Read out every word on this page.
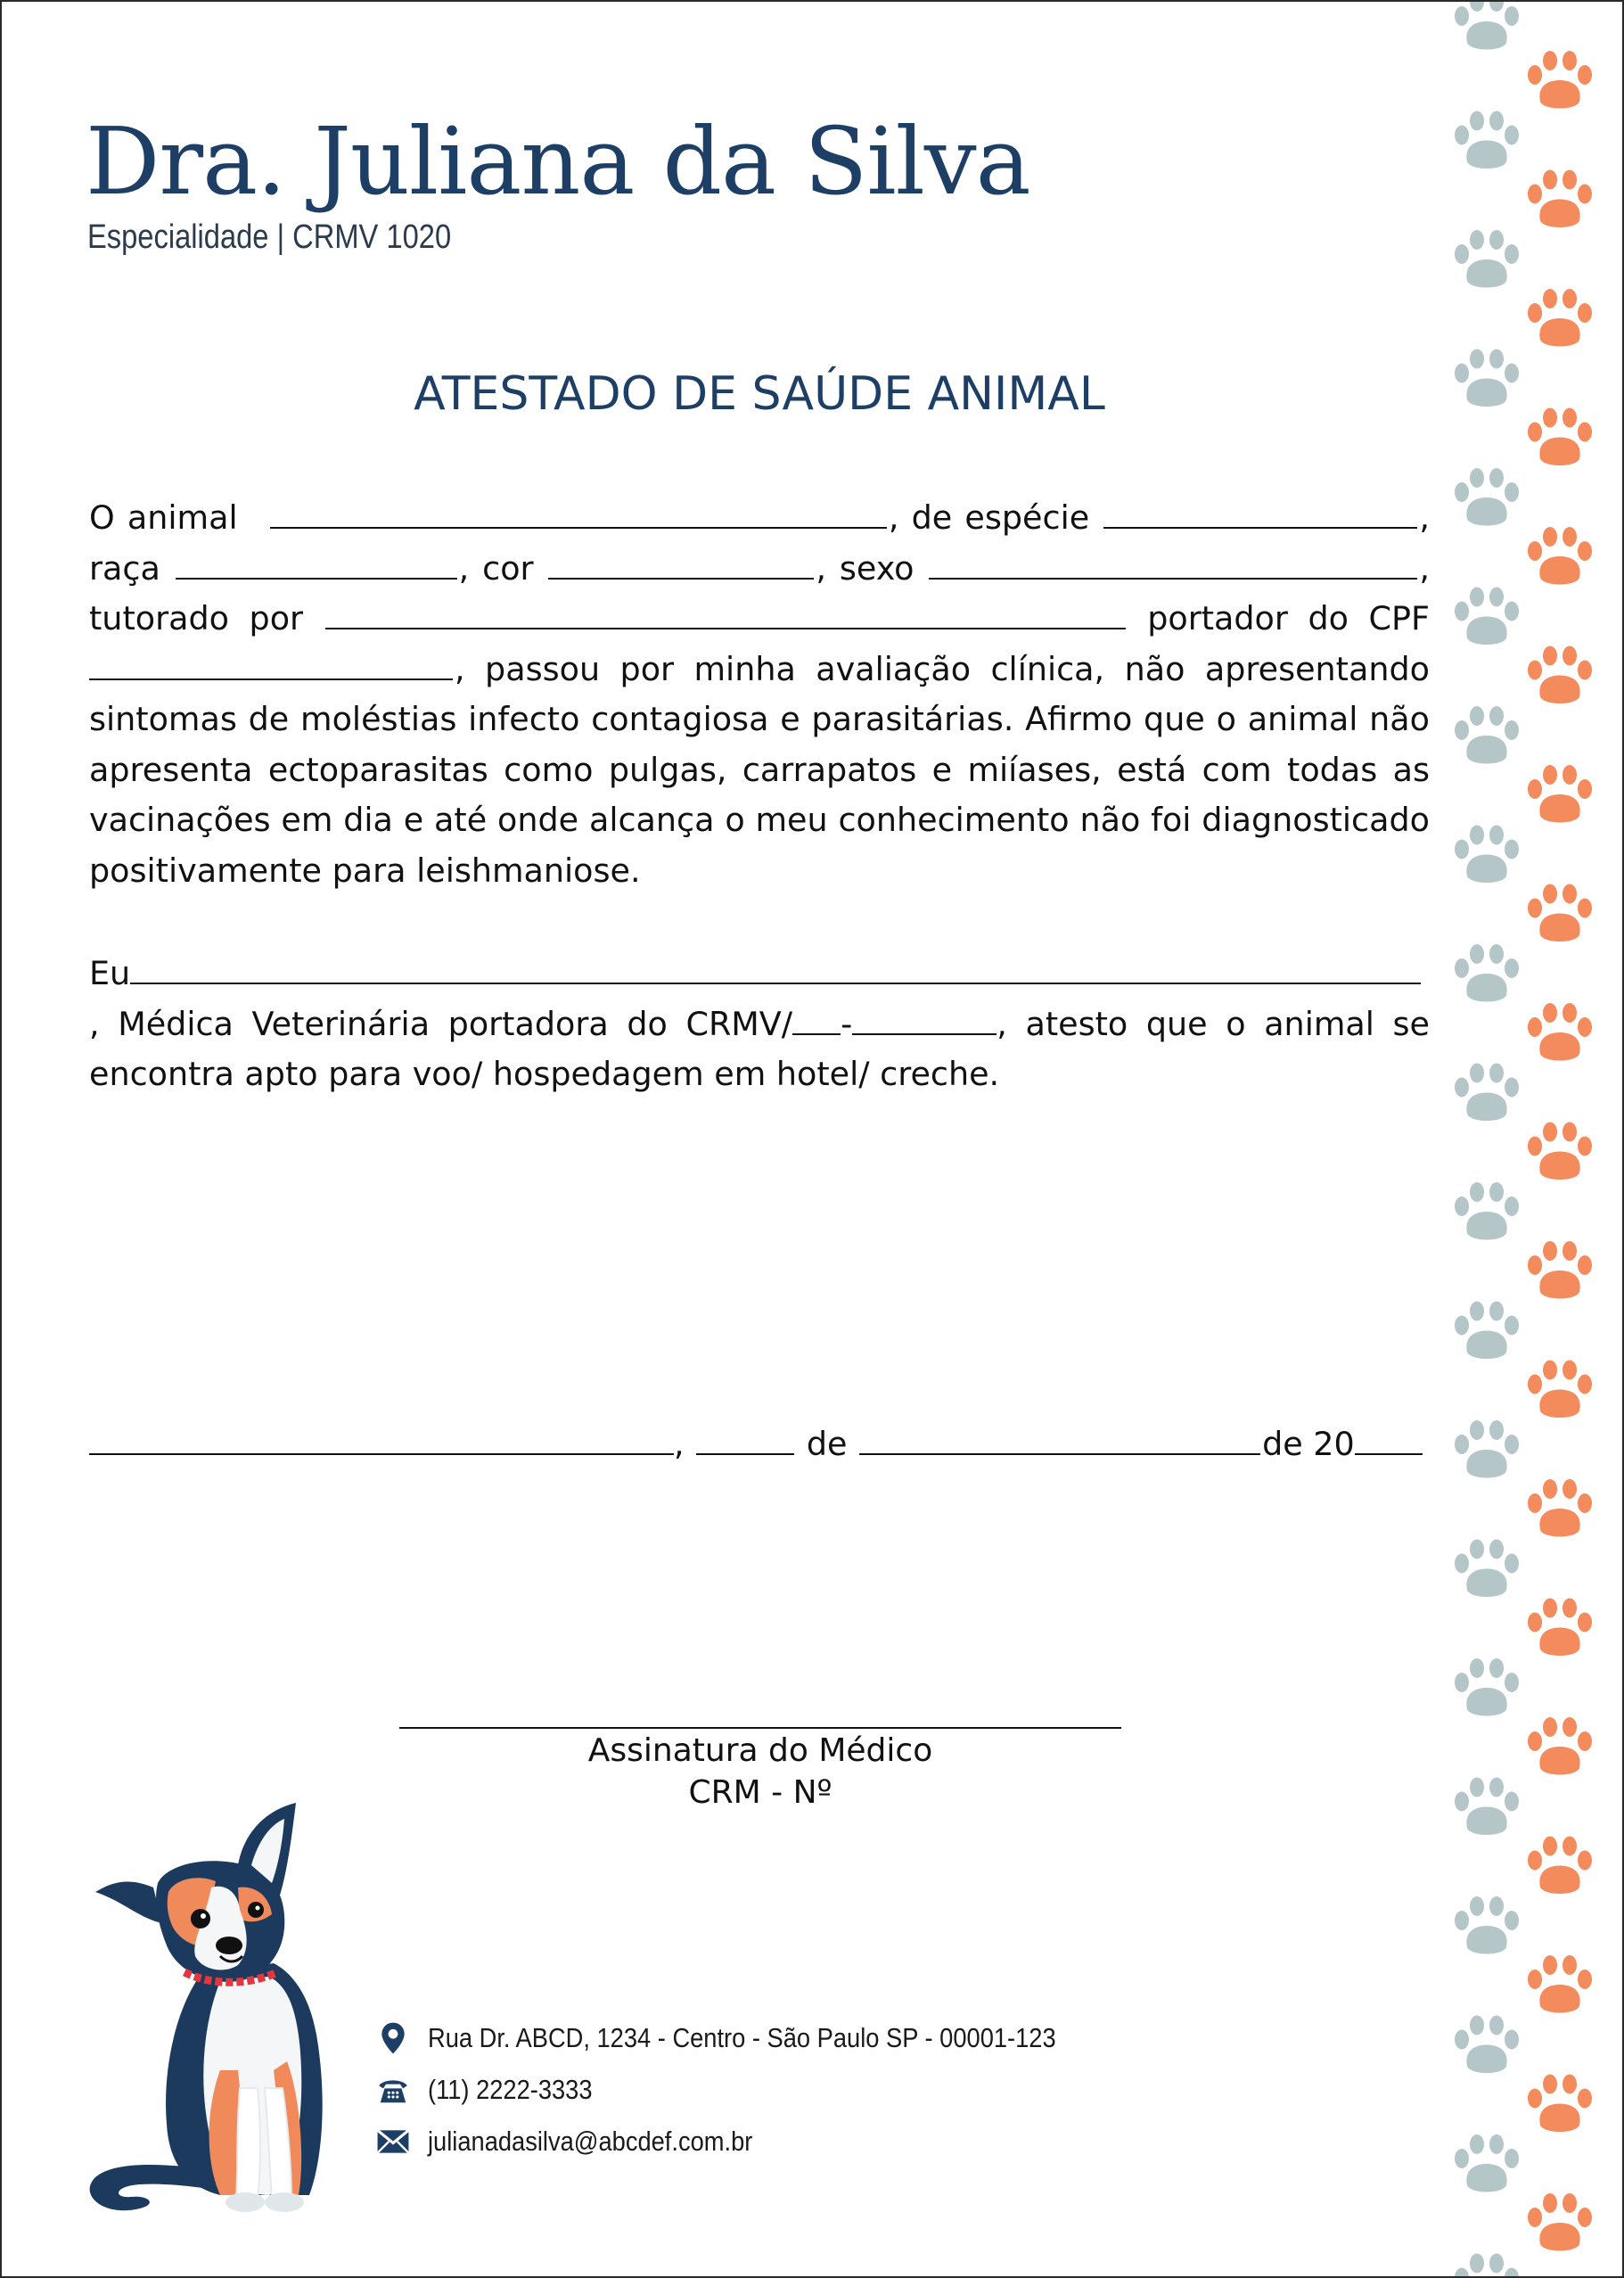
Dra. Juliana da Silva
Especialidade | CRMV 1020
ATESTADO DE SAÚDE ANIMAL

O animal	, de espécie	, raça	, cor	, sexo	, tutorado por	portador do CPF , passou por minha avaliação clínica, não apresentando sintomas de moléstias infecto contagiosa e parasitárias. Afirmo que o animal não apresenta ectoparasitas como pulgas, carrapatos e miíases, está com todas as vacinações em dia e até onde alcança o meu conhecimento não foi diagnosticado positivamente para leishmaniose.

Eu, Médica Veterinária portadora do CRMV/ -	, atesto que o animal se encontra apto para voo/ hospedagem em hotel/ creche.

,	de	de 20
Assinatura do Médico
CRM - Nº
Rua Dr. ABCD, 1234 - Centro - São Paulo SP - 00001-123
(11) 2222-3333
julianadasilva@abcdef.com.br
